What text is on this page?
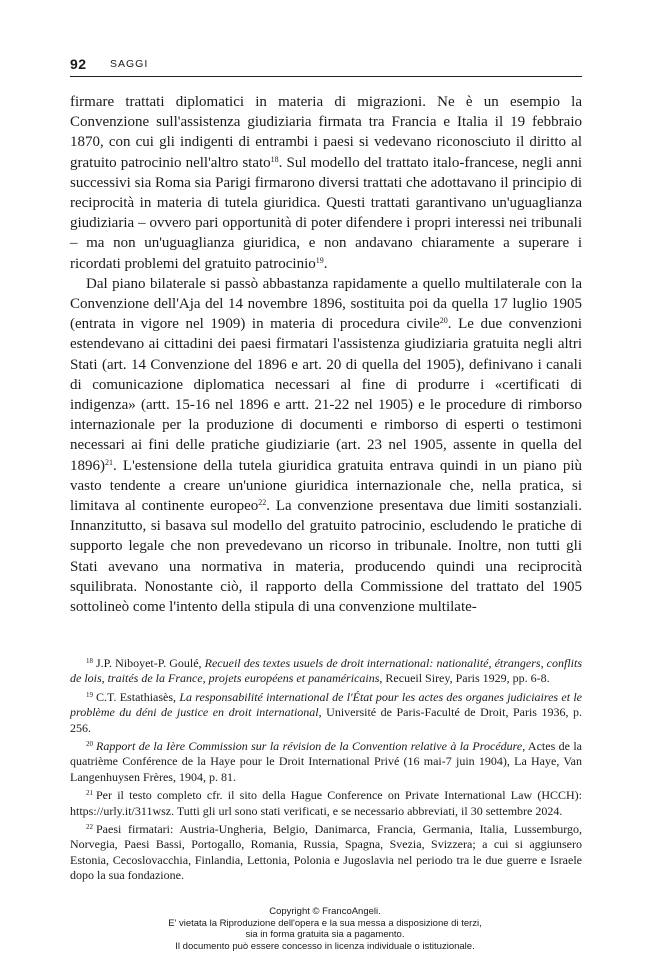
92 SAGGI

firmare trattati diplomatici in materia di migrazioni. Ne è un esempio la Convenzione sull'assistenza giudiziaria firmata tra Francia e Italia il 19 febbraio 1870, con cui gli indigenti di entrambi i paesi si vedevano riconosciuto il diritto al gratuito patrocinio nell'altro stato$^{18}$. Sul modello del trattato italo-francese, negli anni successivi sia Roma sia Parigi firmarono diversi trattati che adottavano il principio di reciprocità in materia di tutela giuridica. Questi trattati garantivano un'uguaglianza giudiziaria – ovvero pari opportunità di poter difendere i propri interessi nei tribunali – ma non un'uguaglianza giuridica, e non andavano chiaramente a superare i ricordati problemi del gratuito patrocinio$^{19}$.

Dal piano bilaterale si passò abbastanza rapidamente a quello multilaterale con la Convenzione dell'Aja del 14 novembre 1896, sostituita poi da quella 17 luglio 1905 (entrata in vigore nel 1909) in materia di procedura civile$^{20}$. Le due convenzioni estendevano ai cittadini dei paesi firmatari l'assistenza giudiziaria gratuita negli altri Stati (art. 14 Convenzione del 1896 e art. 20 di quella del 1905), definivano i canali di comunicazione diplomatica necessari al fine di produrre i «certificati di indigenza» (artt. 15-16 nel 1896 e artt. 21-22 nel 1905) e le procedure di rimborso internazionale per la produzione di documenti e rimborso di esperti o testimoni necessari ai fini delle pratiche giudiziarie (art. 23 nel 1905, assente in quella del 1896)$^{21}$. L'estensione della tutela giuridica gratuita entrava quindi in un piano più vasto tendente a creare un'unione giuridica internazionale che, nella pratica, si limitava al continente europeo$^{22}$. La convenzione presentava due limiti sostanziali. Innanzitutto, si basava sul modello del gratuito patrocinio, escludendo le pratiche di supporto legale che non prevedevano un ricorso in tribunale. Inoltre, non tutti gli Stati avevano una normativa in materia, producendo quindi una reciprocità squilibrata. Nonostante ciò, il rapporto della Commissione del trattato del 1905 sottolineò come l'intento della stipula di una convenzione multilate-

$^{18}$ J.P. Niboyet-P. Goulé, Recueil des textes usuels de droit international: nationalité, étrangers, conflits de lois, traités de la France, projets européens et panaméricains, Recueil Sirey, Paris 1929, pp. 6-8.

$^{19}$ C.T. Estathiasès, La responsabilité international de l'État pour les actes des organes judiciaires et le problème du déni de justice en droit international, Université de Paris-Faculté de Droit, Paris 1936, p. 256.

$^{20}$ Rapport de la Ière Commission sur la révision de la Convention relative à la Procédure, Actes de la quatrième Conférence de la Haye pour le Droit International Privé (16 mai-7 juin 1904), La Haye, Van Langenhuysen Frères, 1904, p. 81.

$^{21}$ Per il testo completo cfr. il sito della Hague Conference on Private International Law (HCCH): https://urly.it/311wsz. Tutti gli url sono stati verificati, e se necessario abbreviati, il 30 settembre 2024.

$^{22}$ Paesi firmatari: Austria-Ungheria, Belgio, Danimarca, Francia, Germania, Italia, Lussemburgo, Norvegia, Paesi Bassi, Portogallo, Romania, Russia, Spagna, Svezia, Svizzera; a cui si aggiunsero Estonia, Cecoslovacchia, Finlandia, Lettonia, Polonia e Jugoslavia nel periodo tra le due guerre e Israele dopo la sua fondazione.

Copyright © FrancoAngeli.
E' vietata la Riproduzione dell'opera e la sua messa a disposizione di terzi,
sia in forma gratuita sia a pagamento.
Il documento può essere concesso in licenza individuale o istituzionale.
